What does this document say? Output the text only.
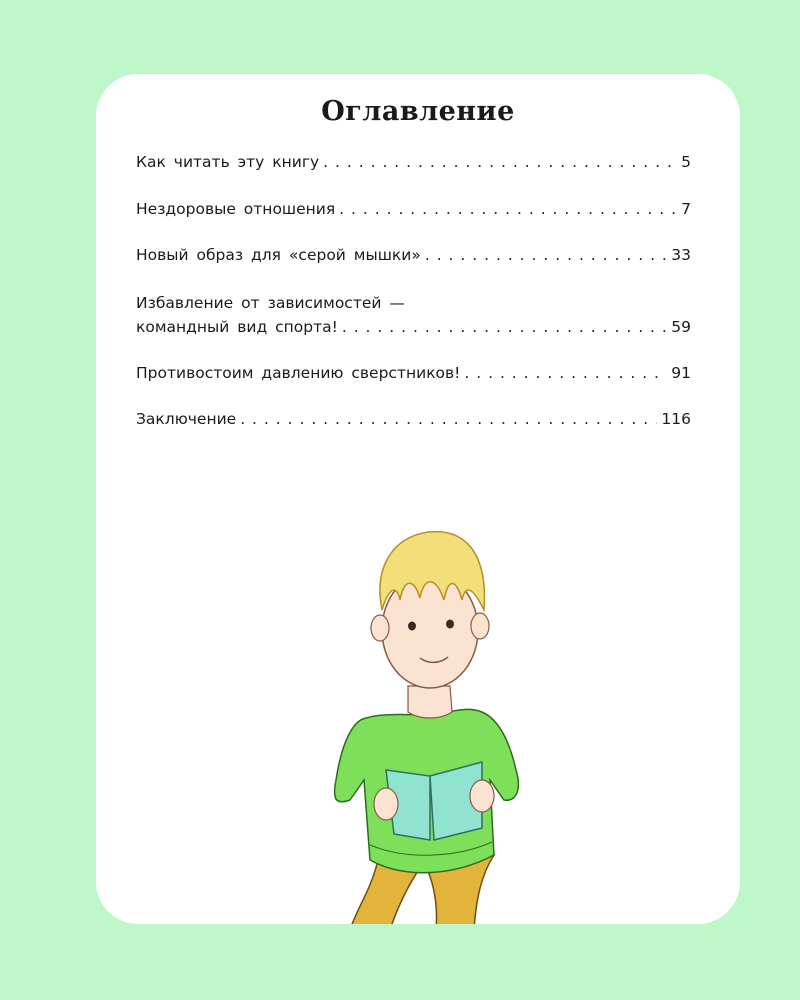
Оглавление
Как читать эту книгу . . .	5
Нездоровые отношения . . .	7
Новый образ для «серой мышки» . . .	33
Избавление от зависимостей —
командный вид спорта! . . .	59
Противостоим давлению сверстников! . . .	91
Заключение . . .	116
